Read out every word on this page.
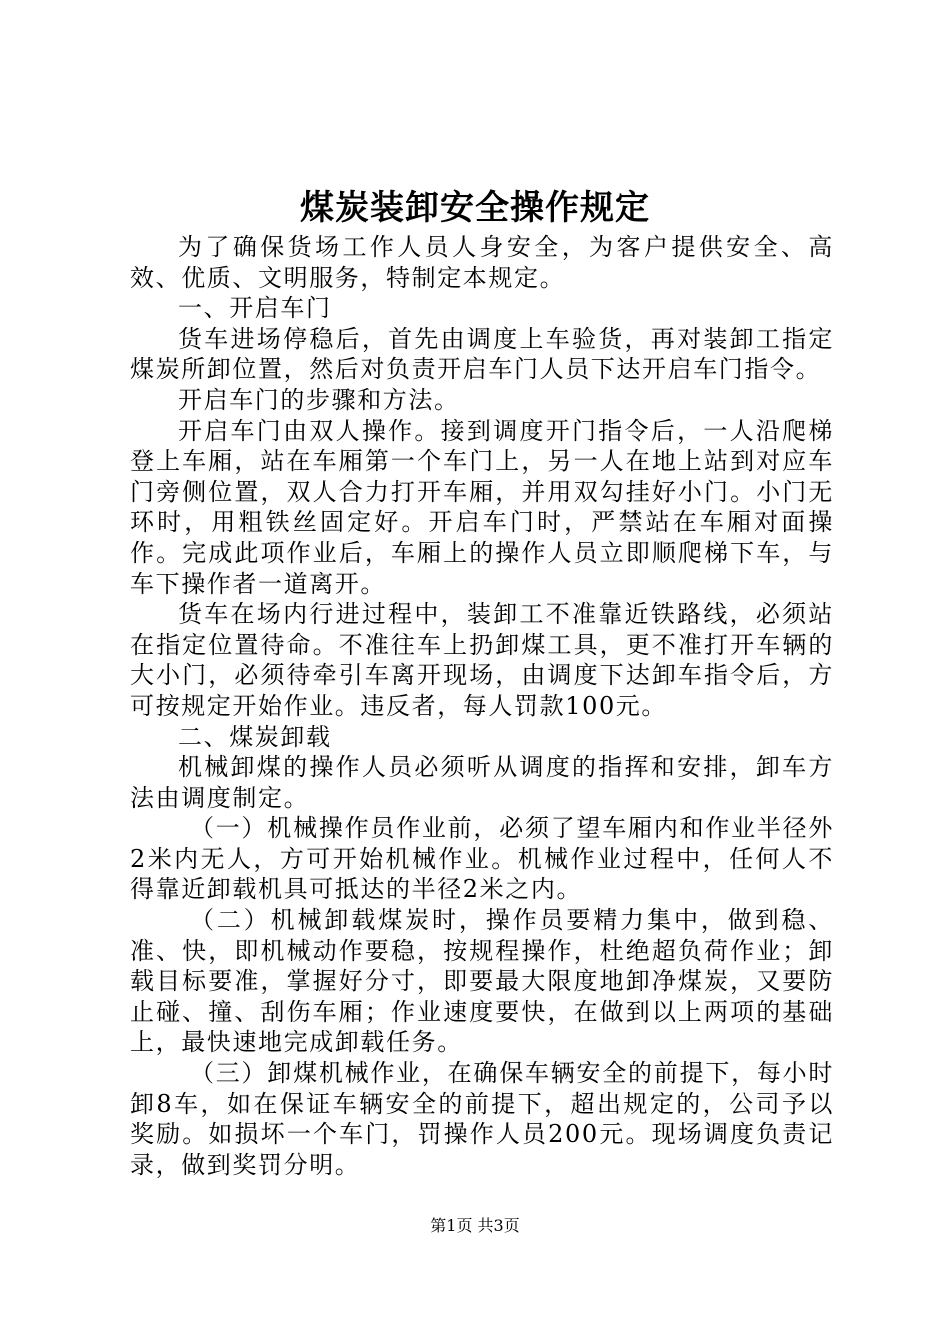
煤炭装卸安全操作规定

为了确保货场工作人员人身安全，为客户提供安全、高效、优质、文明服务，特制定本规定。

一、开启车门

货车进场停稳后，首先由调度上车验货，再对装卸工指定煤炭所卸位置，然后对负责开启车门人员下达开启车门指令。

开启车门的步骤和方法。

开启车门由双人操作。接到调度开门指令后，一人沿爬梯登上车厢，站在车厢第一个车门上，另一人在地上站到对应车门旁侧位置，双人合力打开车厢，并用双勾挂好小门。小门无环时，用粗铁丝固定好。开启车门时，严禁站在车厢对面操作。完成此项作业后，车厢上的操作人员立即顺爬梯下车，与车下操作者一道离开。

货车在场内行进过程中，装卸工不准靠近铁路线，必须站在指定位置待命。不准往车上扔卸煤工具，更不准打开车辆的大小门，必须待牵引车离开现场，由调度下达卸车指令后，方可按规定开始作业。违反者，每人罚款100元。

二、煤炭卸载

机械卸煤的操作人员必须听从调度的指挥和安排，卸车方法由调度制定。

（一）机械操作员作业前，必须了望车厢内和作业半径外2米内无人，方可开始机械作业。机械作业过程中，任何人不得靠近卸载机具可抵达的半径2米之内。

（二）机械卸载煤炭时，操作员要精力集中，做到稳、准、快，即机械动作要稳，按规程操作，杜绝超负荷作业；卸载目标要准，掌握好分寸，即要最大限度地卸净煤炭，又要防止碰、撞、刮伤车厢；作业速度要快，在做到以上两项的基础上，最快速地完成卸载任务。

（三）卸煤机械作业，在确保车辆安全的前提下，每小时卸8车，如在保证车辆安全的前提下，超出规定的，公司予以奖励。如损坏一个车门，罚操作人员200元。现场调度负责记录，做到奖罚分明。

第1页 共3页
